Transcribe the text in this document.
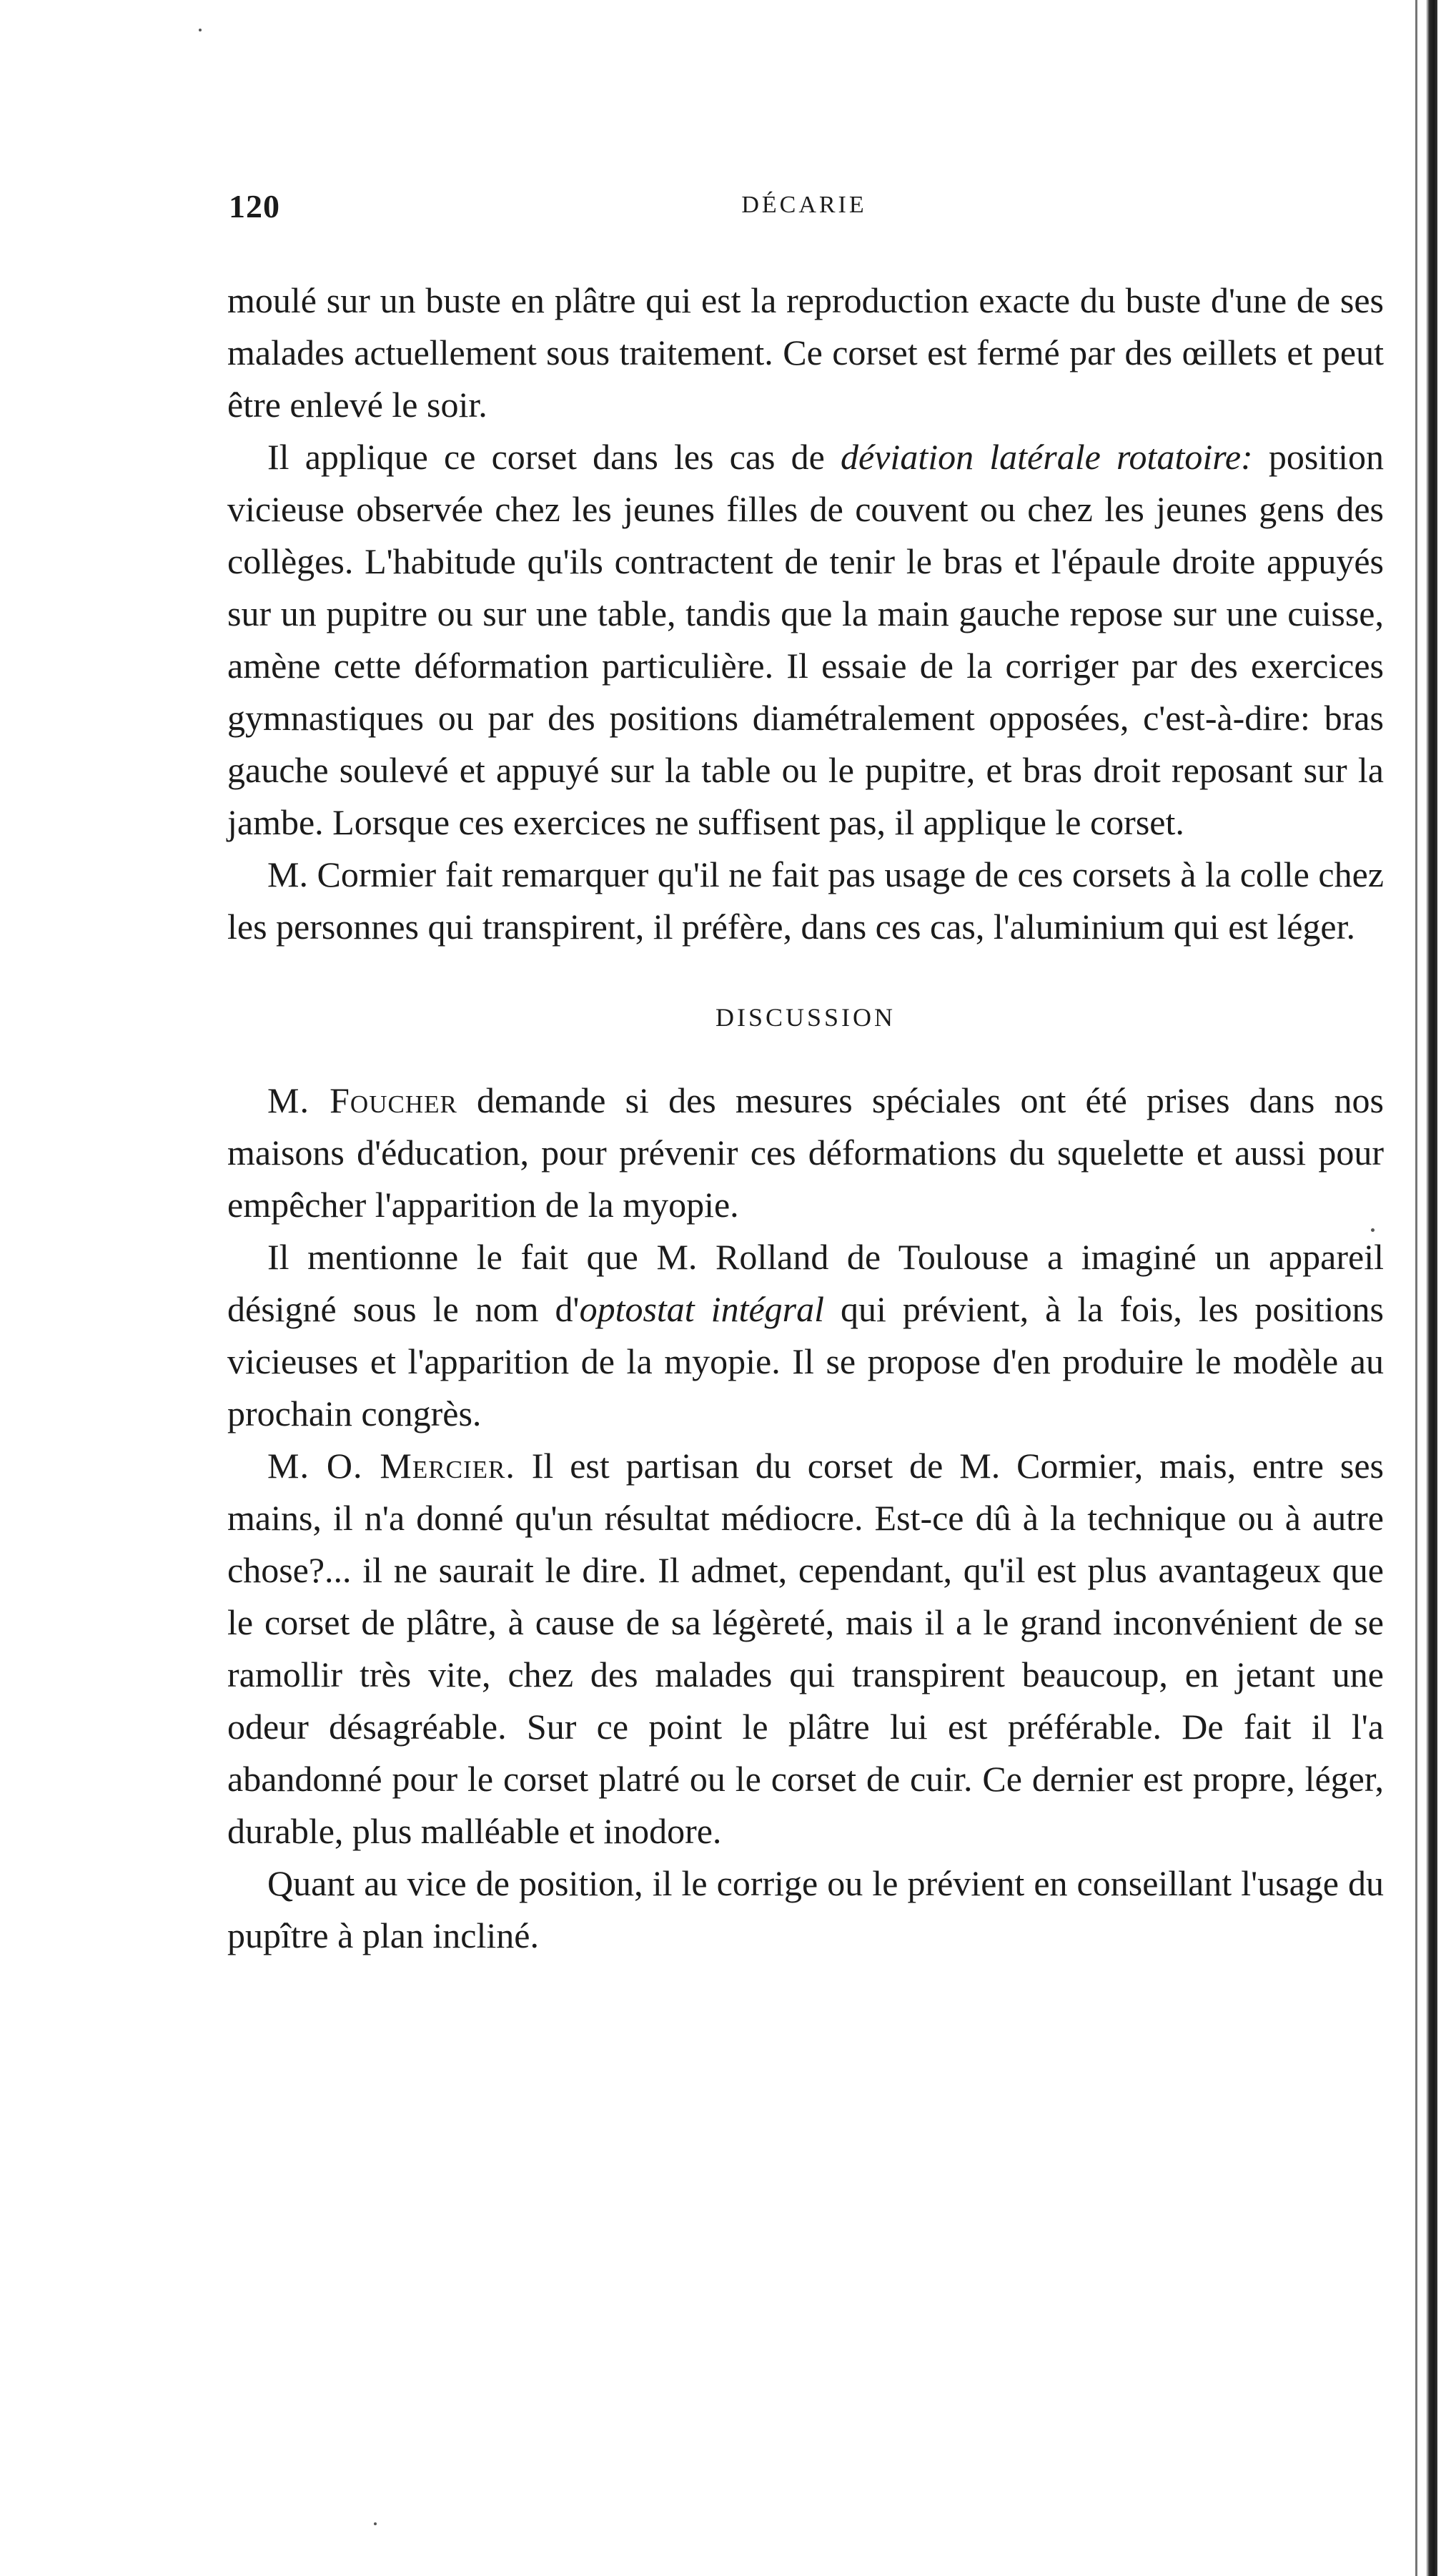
120	DÉCARIE

moulé sur un buste en plâtre qui est la reproduction exacte du buste d'une de ses malades actuellement sous traitement. Ce corset est fermé par des œillets et peut être enlevé le soir.

Il applique ce corset dans les cas de déviation latérale rotatoire: position vicieuse observée chez les jeunes filles de couvent ou chez les jeunes gens des collèges. L'habitude qu'ils contractent de tenir le bras et l'épaule droite appuyés sur un pupitre ou sur une table, tandis que la main gauche repose sur une cuisse, amène cette déformation particulière. Il essaie de la corriger par des exercices gymnastiques ou par des positions diamétralement opposées, c'est-à-dire: bras gauche soulevé et appuyé sur la table ou le pupitre, et bras droit reposant sur la jambe. Lorsque ces exercices ne suffisent pas, il applique le corset.

M. Cormier fait remarquer qu'il ne fait pas usage de ces corsets à la colle chez les personnes qui transpirent, il préfère, dans ces cas, l'aluminium qui est léger.

DISCUSSION

M. Foucher demande si des mesures spéciales ont été prises dans nos maisons d'éducation, pour prévenir ces déformations du squelette et aussi pour empêcher l'apparition de la myopie.

Il mentionne le fait que M. Rolland de Toulouse a imaginé un appareil désigné sous le nom d'optostat intégral qui prévient, à la fois, les positions vicieuses et l'apparition de la myopie. Il se propose d'en produire le modèle au prochain congrès.

M. O. Mercier. Il est partisan du corset de M. Cormier, mais, entre ses mains, il n'a donné qu'un résultat médiocre. Est-ce dû à la technique ou à autre chose?... il ne saurait le dire. Il admet, cependant, qu'il est plus avantageux que le corset de plâtre, à cause de sa légèreté, mais il a le grand inconvénient de se ramollir très vite, chez des malades qui transpirent beaucoup, en jetant une odeur désagréable. Sur ce point le plâtre lui est préférable. De fait il l'a abandonné pour le corset platré ou le corset de cuir. Ce dernier est propre, léger, durable, plus malléable et inodore.

Quant au vice de position, il le corrige ou le prévient en conseillant l'usage du pupître à plan incliné.
